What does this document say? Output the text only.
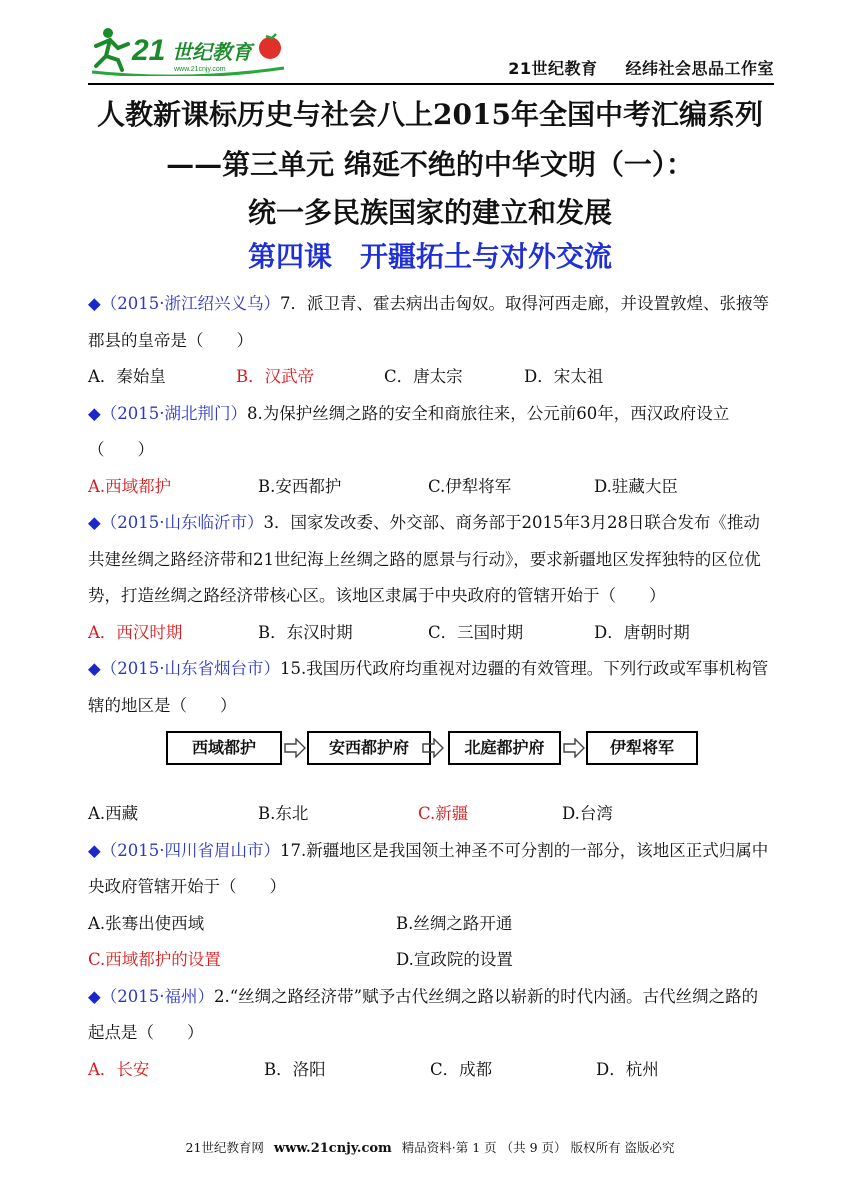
21 世纪教育
www.21cnjy.com	21世纪教育 经纬社会思品工作室
人教新课标历史与社会八上2015年全国中考汇编系列
——第三单元 绵延不绝的中华文明（一）：
统一多民族国家的建立和发展
第四课　开疆拓土与对外交流

◆（2015·浙江绍兴义乌）7．派卫青、霍去病出击匈奴。取得河西走廊，并设置敦煌、张掖等郡县的皇帝是（　　）

A．秦始皇	B．汉武帝	C．唐太宗	D．宋太祖

◆（2015·湖北荆门）8.为保护丝绸之路的安全和商旅往来，公元前60年，西汉政府设立（　　）

A.西域都护	B.安西都护	C.伊犁将军	D.驻藏大臣

◆（2015·山东临沂市）3．国家发改委、外交部、商务部于2015年3月28日联合发布《推动共建丝绸之路经济带和21世纪海上丝绸之路的愿景与行动》，要求新疆地区发挥独特的区位优势，打造丝绸之路经济带核心区。该地区隶属于中央政府的管辖开始于（　　）

A．西汉时期	B．东汉时期	C．三国时期	D．唐朝时期

◆（2015·山东省烟台市）15.我国历代政府均重视对边疆的有效管理。下列行政或军事机构管辖的地区是（　　）

西域都护	安西都护府	北庭都护府	伊犁将军
A.西藏	B.东北	C.新疆	D.台湾

◆（2015·四川省眉山市）17.新疆地区是我国领土神圣不可分割的一部分，该地区正式归属中央政府管辖开始于（　　）

A.张骞出使西域	B.丝绸之路开通
C.西域都护的设置	D.宣政院的设置

◆（2015·福州）2.“丝绸之路经济带”赋予古代丝绸之路以崭新的时代内涵。古代丝绸之路的起点是（　　）

A．长安	B．洛阳	C．成都	D．杭州
21世纪教育网 www.21cnjy.com 精品资料·第 1 页 （共 9 页） 版权所有 盗版必究
